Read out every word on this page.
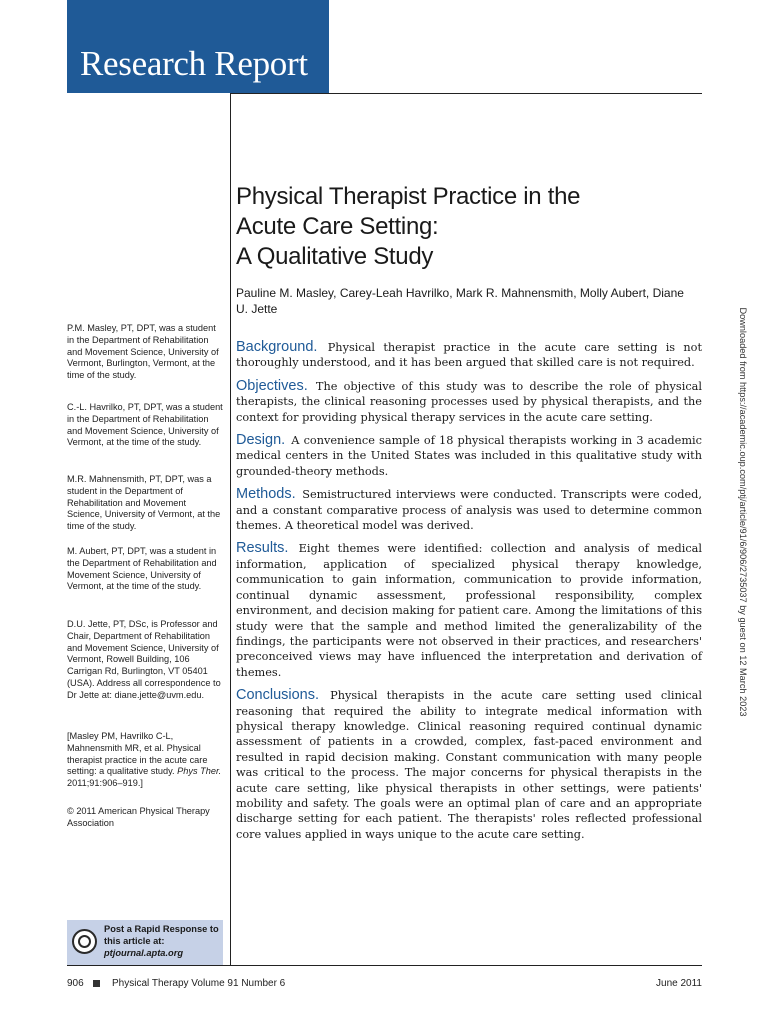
Research Report
Physical Therapist Practice in the
Acute Care Setting:
A Qualitative Study
Pauline M. Masley, Carey-Leah Havrilko, Mark R. Mahnensmith, Molly Aubert, Diane U. Jette

P.M. Masley, PT, DPT, was a student in the Department of Rehabilitation and Movement Science, University of Vermont, Burlington, Vermont, at the time of the study.

C.-L. Havrilko, PT, DPT, was a student in the Department of Rehabilitation and Movement Science, University of Vermont, at the time of the study.

M.R. Mahnensmith, PT, DPT, was a student in the Department of Rehabilitation and Movement Science, University of Vermont, at the time of the study.

M. Aubert, PT, DPT, was a student in the Department of Rehabilitation and Movement Science, University of Vermont, at the time of the study.

D.U. Jette, PT, DSc, is Professor and Chair, Department of Rehabilitation and Movement Science, University of Vermont, Rowell Building, 106 Carrigan Rd, Burlington, VT 05401 (USA). Address all correspondence to Dr Jette at: diane.jette@uvm.edu.

[Masley PM, Havrilko C-L, Mahnensmith MR, et al. Physical therapist practice in the acute care setting: a qualitative study. Phys Ther. 2011;91:906–919.]

© 2011 American Physical Therapy Association

Background. Physical therapist practice in the acute care setting is not thoroughly understood, and it has been argued that skilled care is not required.

Objectives. The objective of this study was to describe the role of physical therapists, the clinical reasoning processes used by physical therapists, and the context for providing physical therapy services in the acute care setting.

Design. A convenience sample of 18 physical therapists working in 3 academic medical centers in the United States was included in this qualitative study with grounded-theory methods.

Methods. Semistructured interviews were conducted. Transcripts were coded, and a constant comparative process of analysis was used to determine common themes. A theoretical model was derived.

Results. Eight themes were identified: collection and analysis of medical information, application of specialized physical therapy knowledge, communication to gain information, communication to provide information, continual dynamic assessment, professional responsibility, complex environment, and decision making for patient care. Among the limitations of this study were that the sample and method limited the generalizability of the findings, the participants were not observed in their practices, and researchers' preconceived views may have influenced the interpretation and derivation of themes.

Conclusions. Physical therapists in the acute care setting used clinical reasoning that required the ability to integrate medical information with physical therapy knowledge. Clinical reasoning required continual dynamic assessment of patients in a crowded, complex, fast-paced environment and resulted in rapid decision making. Constant communication with many people was critical to the process. The major concerns for physical therapists in the acute care setting, like physical therapists in other settings, were patients' mobility and safety. The goals were an optimal plan of care and an appropriate discharge setting for each patient. The therapists' roles reflected professional core values applied in ways unique to the acute care setting.

Post a Rapid Response to
this article at:
ptjournal.apta.org
906	Physical Therapy Volume 91 Number 6	June 2011
Downloaded from https://academic.oup.com/ptj/article/91/6/906/2735037 by guest on 12 March 2023
